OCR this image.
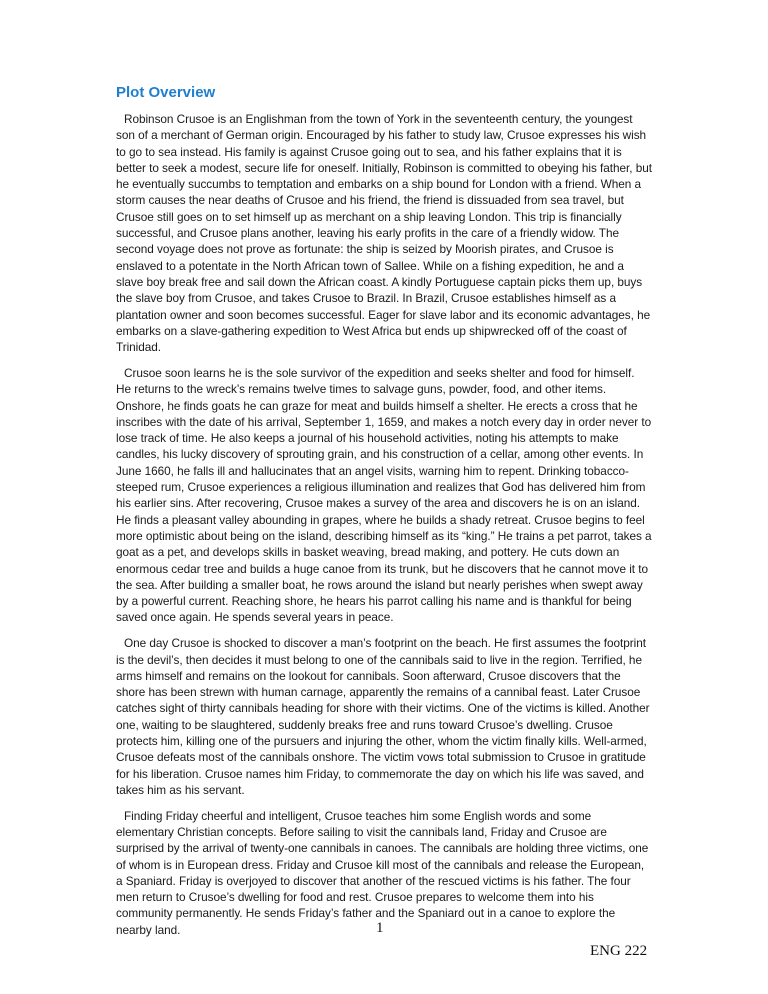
Plot Overview

Robinson Crusoe is an Englishman from the town of York in the seventeenth century, the youngest son of a merchant of German origin. Encouraged by his father to study law, Crusoe expresses his wish to go to sea instead. His family is against Crusoe going out to sea, and his father explains that it is better to seek a modest, secure life for oneself. Initially, Robinson is committed to obeying his father, but he eventually succumbs to temptation and embarks on a ship bound for London with a friend. When a storm causes the near deaths of Crusoe and his friend, the friend is dissuaded from sea travel, but Crusoe still goes on to set himself up as merchant on a ship leaving London. This trip is financially successful, and Crusoe plans another, leaving his early profits in the care of a friendly widow. The second voyage does not prove as fortunate: the ship is seized by Moorish pirates, and Crusoe is enslaved to a potentate in the North African town of Sallee. While on a fishing expedition, he and a slave boy break free and sail down the African coast. A kindly Portuguese captain picks them up, buys the slave boy from Crusoe, and takes Crusoe to Brazil. In Brazil, Crusoe establishes himself as a plantation owner and soon becomes successful. Eager for slave labor and its economic advantages, he embarks on a slave-gathering expedition to West Africa but ends up shipwrecked off of the coast of Trinidad.

Crusoe soon learns he is the sole survivor of the expedition and seeks shelter and food for himself. He returns to the wreck’s remains twelve times to salvage guns, powder, food, and other items. Onshore, he finds goats he can graze for meat and builds himself a shelter. He erects a cross that he inscribes with the date of his arrival, September 1, 1659, and makes a notch every day in order never to lose track of time. He also keeps a journal of his household activities, noting his attempts to make candles, his lucky discovery of sprouting grain, and his construction of a cellar, among other events. In June 1660, he falls ill and hallucinates that an angel visits, warning him to repent. Drinking tobacco-steeped rum, Crusoe experiences a religious illumination and realizes that God has delivered him from his earlier sins. After recovering, Crusoe makes a survey of the area and discovers he is on an island. He finds a pleasant valley abounding in grapes, where he builds a shady retreat. Crusoe begins to feel more optimistic about being on the island, describing himself as its “king.” He trains a pet parrot, takes a goat as a pet, and develops skills in basket weaving, bread making, and pottery. He cuts down an enormous cedar tree and builds a huge canoe from its trunk, but he discovers that he cannot move it to the sea. After building a smaller boat, he rows around the island but nearly perishes when swept away by a powerful current. Reaching shore, he hears his parrot calling his name and is thankful for being saved once again. He spends several years in peace.

One day Crusoe is shocked to discover a man’s footprint on the beach. He first assumes the footprint is the devil’s, then decides it must belong to one of the cannibals said to live in the region. Terrified, he arms himself and remains on the lookout for cannibals. Soon afterward, Crusoe discovers that the shore has been strewn with human carnage, apparently the remains of a cannibal feast. Later Crusoe catches sight of thirty cannibals heading for shore with their victims. One of the victims is killed. Another one, waiting to be slaughtered, suddenly breaks free and runs toward Crusoe’s dwelling. Crusoe protects him, killing one of the pursuers and injuring the other, whom the victim finally kills. Well-armed, Crusoe defeats most of the cannibals onshore. The victim vows total submission to Crusoe in gratitude for his liberation. Crusoe names him Friday, to commemorate the day on which his life was saved, and takes him as his servant.

Finding Friday cheerful and intelligent, Crusoe teaches him some English words and some elementary Christian concepts. Before sailing to visit the cannibals land, Friday and Crusoe are surprised by the arrival of twenty-one cannibals in canoes. The cannibals are holding three victims, one of whom is in European dress. Friday and Crusoe kill most of the cannibals and release the European, a Spaniard. Friday is overjoyed to discover that another of the rescued victims is his father. The four men return to Crusoe’s dwelling for food and rest. Crusoe prepares to welcome them into his community permanently. He sends Friday’s father and the Spaniard out in a canoe to explore the nearby land.	1
ENG 222
